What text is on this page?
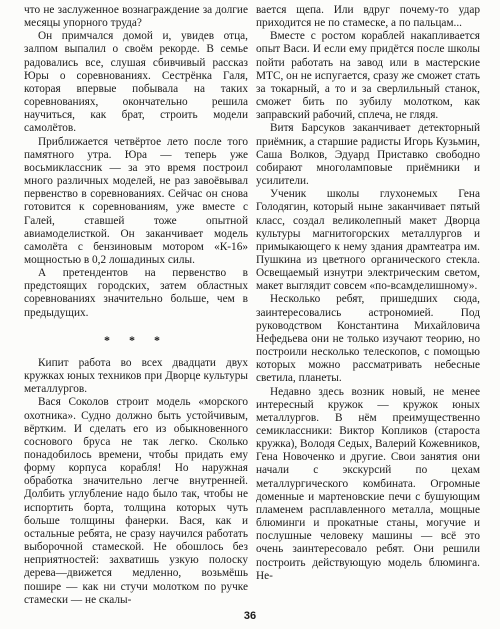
что не заслуженное вознаграждение за долгие месяцы упорного труда?

Он примчался домой и, увидев отца, залпом выпалил о своём рекорде. В семье радовались все, слушая сбивчивый рассказ Юры о соревнованиях. Сестрёнка Галя, которая впервые побывала на таких соревнованиях, окончательно решила научиться, как брат, строить модели самолётов.

Приближается четвёртое лето после того памятного утра. Юра — теперь уже восьмиклассник — за это время построил много различных моделей, не раз завоёвывал первенство в соревнованиях. Сейчас он снова готовится к соревнованиям, уже вместе с Галей, ставшей тоже опытной авиамоделисткой. Он заканчивает модель самолёта с бензиновым мотором «К-16» мощностью в 0,2 лошадиных силы.

А претендентов на первенство в предстоящих городских, затем областных соревнованиях значительно больше, чем в предыдущих.

* * *

Кипит работа во всех двадцати двух кружках юных техников при Дворце культуры металлургов.

Вася Соколов строит модель «морского охотника». Судно должно быть устойчивым, вёртким. И сделать его из обыкновенного соснового бруса не так легко. Сколько понадобилось времени, чтобы придать ему форму корпуса корабля! Но наружная обработка значительно легче внутренней. Долбить углубление надо было так, чтобы не испортить борта, толщина которых чуть больше толщины фанерки. Вася, как и остальные ребята, не сразу научился работать выборочной стамеской. Не обошлось без неприятностей: захватишь узкую полоску дерева—движется медленно, возьмёшь пошире — как ни стучи молотком по ручке стамески — не скалы-

вается щепа. Или вдруг почему-то удар приходится не по стамеске, а по пальцам...

Вместе с ростом кораблей накапливается опыт Васи. И если ему придётся после школы пойти работать на завод или в мастерские МТС, он не испугается, сразу же сможет стать за токарный, а то и за сверлильный станок, сможет бить по зубилу молотком, как заправский рабочий, сплеча, не глядя.

Витя Барсуков заканчивает детекторный приёмник, а старшие радисты Игорь Кузьмин, Саша Волков, Эдуард Приставко свободно собирают многоламповые приёмники и усилители.

Ученик школы глухонемых Гена Голодягин, который ныне заканчивает пятый класс, создал великолепный макет Дворца культуры магнитогорских металлургов и примыкающего к нему здания драмтеатра им. Пушкина из цветного органического стекла. Освещаемый изнутри электрическим светом, макет выглядит совсем «по-всамделишному».

Несколько ребят, пришедших сюда, заинтересовались астрономией. Под руководством Константина Михайловича Нефедьева они не только изучают теорию, но построили несколько телескопов, с помощью которых можно рассматривать небесные светила, планеты.

Недавно здесь возник новый, не менее интересный кружок — кружок юных металлургов. В нём преимущественно семиклассники: Виктор Копликов (староста кружка), Володя Седых, Валерий Кожевников, Гена Новоченко и другие. Свои занятия они начали с экскурсий по цехам металлургического комбината. Огромные доменные и мартеновские печи с бушующим пламенем расплавленного металла, мощные блюминги и прокатные станы, могучие и послушные человеку машины — всё это очень заинтересовало ребят. Они решили построить действующую модель блюминга. Не-

36
